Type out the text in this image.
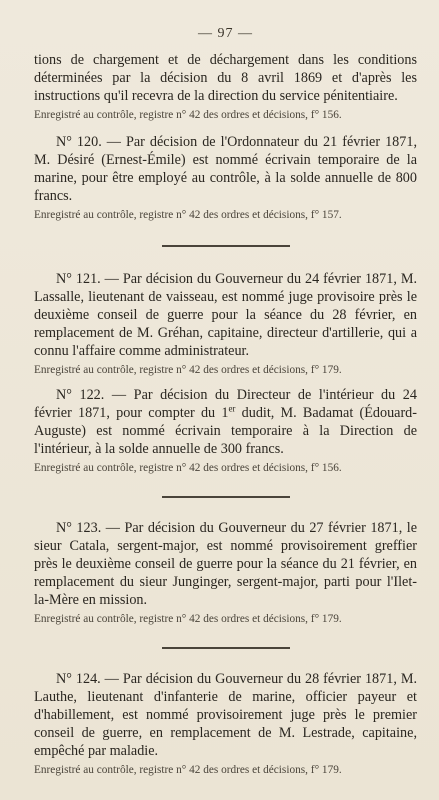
— 97 —

tions de chargement et de déchargement dans les conditions déterminées par la décision du 8 avril 1869 et d'après les instructions qu'il recevra de la direction du service pénitentiaire.

Enregistré au contrôle, registre n° 42 des ordres et décisions, f° 156.

N° 120. — Par décision de l'Ordonnateur du 21 février 1871, M. Désiré (Ernest-Émile) est nommé écrivain temporaire de la marine, pour être employé au contrôle, à la solde annuelle de 800 francs.

Enregistré au contrôle, registre n° 42 des ordres et décisions, f° 157.

N° 121. — Par décision du Gouverneur du 24 février 1871, M. Lassalle, lieutenant de vaisseau, est nommé juge provisoire près le deuxième conseil de guerre pour la séance du 28 février, en remplacement de M. Gréhan, capitaine, directeur d'artillerie, qui a connu l'affaire comme administrateur.

Enregistré au contrôle, registre n° 42 des ordres et décisions, f° 179.

N° 122. — Par décision du Directeur de l'intérieur du 24 février 1871, pour compter du 1er dudit, M. Badamat (Édouard-Auguste) est nommé écrivain temporaire à la Direction de l'intérieur, à la solde annuelle de 300 francs.

Enregistré au contrôle, registre n° 42 des ordres et décisions, f° 156.

N° 123. — Par décision du Gouverneur du 27 février 1871, le sieur Catala, sergent-major, est nommé provisoirement greffier près le deuxième conseil de guerre pour la séance du 21 février, en remplacement du sieur Junginger, sergent-major, parti pour l'Ilet-la-Mère en mission.

Enregistré au contrôle, registre n° 42 des ordres et décisions, f° 179.

N° 124. — Par décision du Gouverneur du 28 février 1871, M. Lauthe, lieutenant d'infanterie de marine, officier payeur et d'habillement, est nommé provisoirement juge près le premier conseil de guerre, en remplacement de M. Lestrade, capitaine, empêché par maladie.

Enregistré au contrôle, registre n° 42 des ordres et décisions, f° 179.
